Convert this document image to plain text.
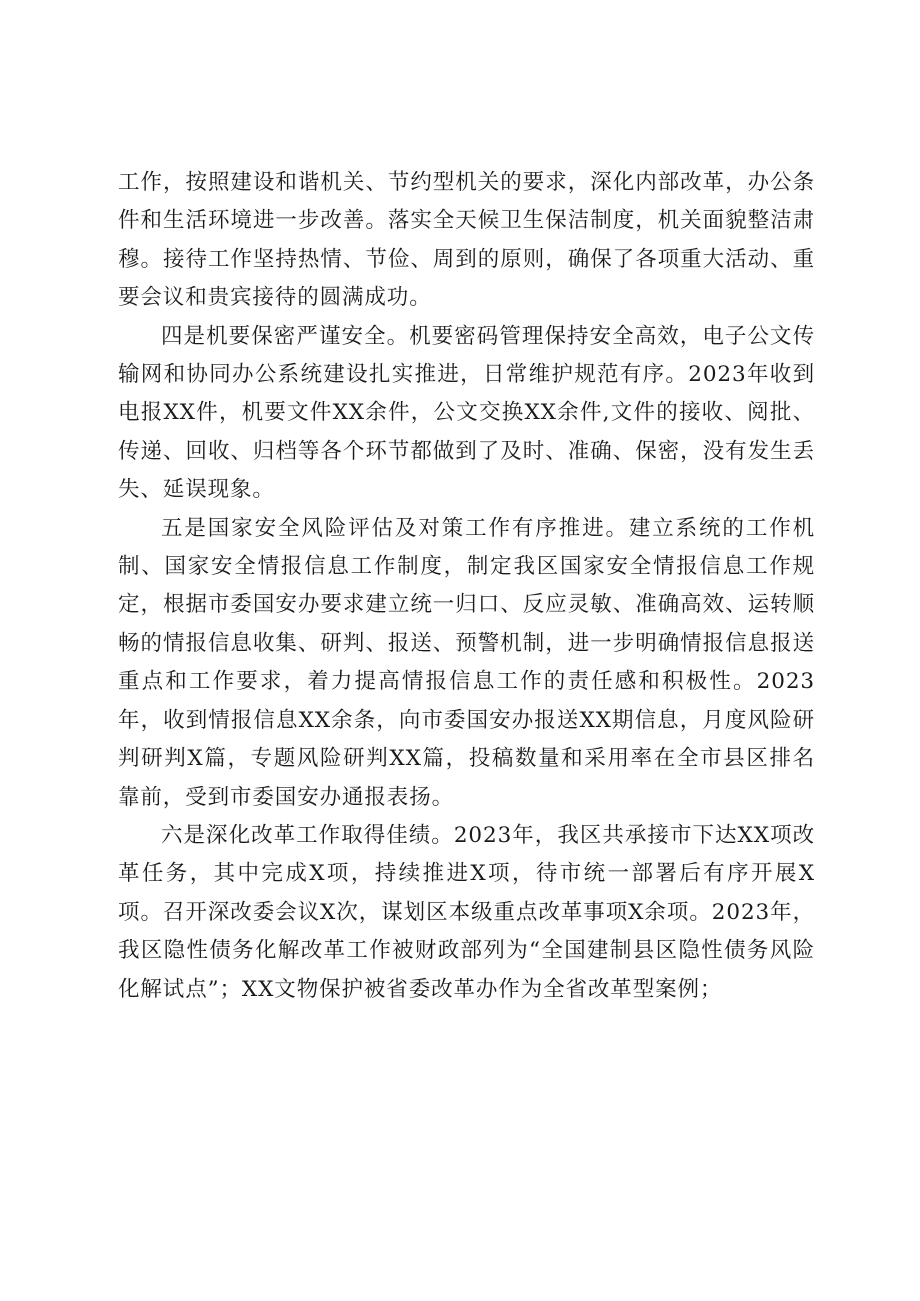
工作，按照建设和谐机关、节约型机关的要求，深化内部改革，办公条件和生活环境进一步改善。落实全天候卫生保洁制度，机关面貌整洁肃穆。接待工作坚持热情、节俭、周到的原则，确保了各项重大活动、重要会议和贵宾接待的圆满成功。

四是机要保密严谨安全。机要密码管理保持安全高效，电子公文传输网和协同办公系统建设扎实推进，日常维护规范有序。2023年收到电报XX件，机要文件XX余件，公文交换XX余件,文件的接收、阅批、传递、回收、归档等各个环节都做到了及时、准确、保密，没有发生丢失、延误现象。

五是国家安全风险评估及对策工作有序推进。建立系统的工作机制、国家安全情报信息工作制度，制定我区国家安全情报信息工作规定，根据市委国安办要求建立统一归口、反应灵敏、准确高效、运转顺畅的情报信息收集、研判、报送、预警机制，进一步明确情报信息报送重点和工作要求，着力提高情报信息工作的责任感和积极性。2023年，收到情报信息XX余条，向市委国安办报送XX期信息，月度风险研判研判X篇，专题风险研判XX篇，投稿数量和采用率在全市县区排名靠前，受到市委国安办通报表扬。

六是深化改革工作取得佳绩。2023年，我区共承接市下达XX项改革任务，其中完成X项，持续推进X项，待市统一部署后有序开展X项。召开深改委会议X次，谋划区本级重点改革事项X余项。2023年，我区隐性债务化解改革工作被财政部列为“全国建制县区隐性债务风险化解试点”；XX文物保护被省委改革办作为全省改革型案例；
